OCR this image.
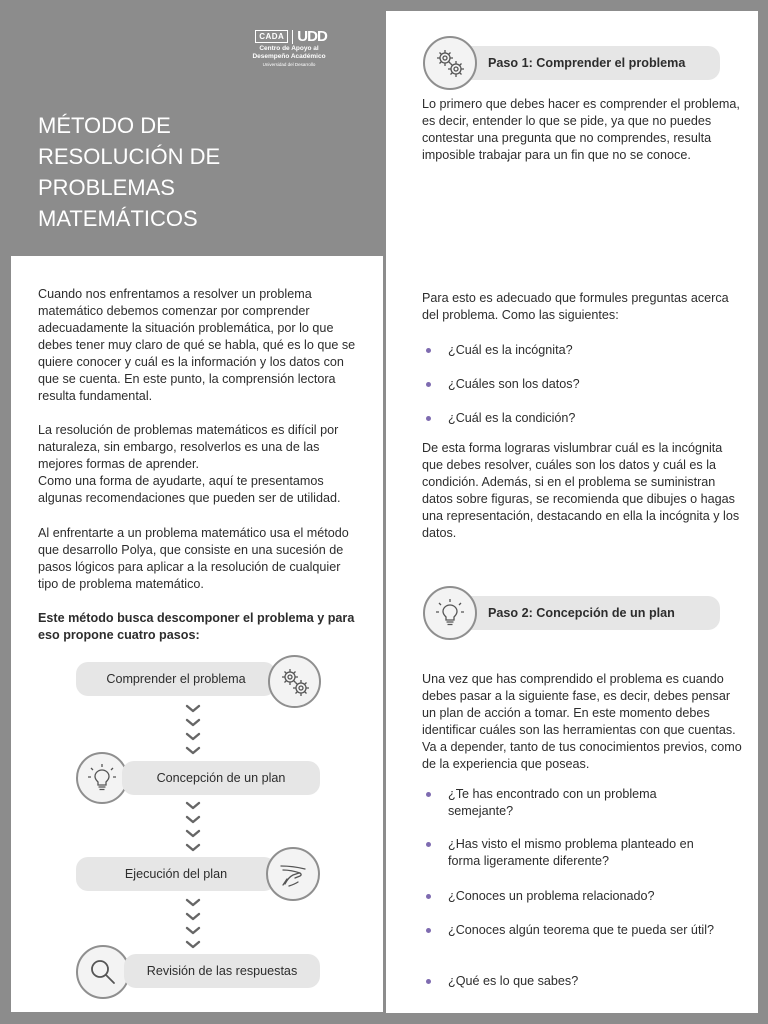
CADA UDD
Centro de Apoyo al
Desempeño Académico
Universidad del Desarrollo
MÉTODO DE RESOLUCIÓN DE PROBLEMAS MATEMÁTICOS

Cuando nos enfrentamos a resolver un problema matemático debemos comenzar por comprender adecuadamente la situación problemática, por lo que debes tener muy claro de qué se habla, qué es lo que se quiere conocer y cuál es la información y los datos con que se cuenta. En este punto, la comprensión lectora resulta fundamental.

La resolución de problemas matemáticos es difícil por naturaleza, sin embargo, resolverlos es una de las mejores formas de aprender.
Como una forma de ayudarte, aquí te presentamos algunas recomendaciones que pueden ser de utilidad.

Al enfrentarte a un problema matemático usa el método que desarrollo Polya, que consiste en una sucesión de pasos lógicos para aplicar a la resolución de cualquier tipo de problema matemático.

Este método busca descomponer el problema y para eso propone cuatro pasos:

Comprender el problema
Concepción de un plan
Ejecución del plan
Revisión de las respuestas
Paso 1: Comprender el problema

Lo primero que debes hacer es comprender el problema, es decir, entender lo que se pide, ya que no puedes contestar una pregunta que no comprendes, resulta imposible trabajar para un fin que no se conoce.

Para esto es adecuado que formules preguntas acerca del problema. Como las siguientes:

¿Cuál es la incógnita?
¿Cuáles son los datos?
¿Cuál es la condición?

De esta forma lograras vislumbrar cuál es la incógnita que debes resolver, cuáles son los datos y cuál es la condición. Además, si en el problema se suministran datos sobre figuras, se recomienda que dibujes o hagas una representación, destacando en ella la incógnita y los datos.

Paso 2: Concepción de un plan

Una vez que has comprendido el problema es cuando debes pasar a la siguiente fase, es decir, debes pensar un plan de acción a tomar. En este momento debes identificar cuáles son las herramientas con que cuentas. Va a depender, tanto de tus conocimientos previos, como de la experiencia que poseas.

¿Te has encontrado con un problema semejante?
¿Has visto el mismo problema planteado en forma ligeramente diferente?
¿Conoces un problema relacionado?
¿Conoces algún teorema que te pueda ser útil?
¿Qué es lo que sabes?
